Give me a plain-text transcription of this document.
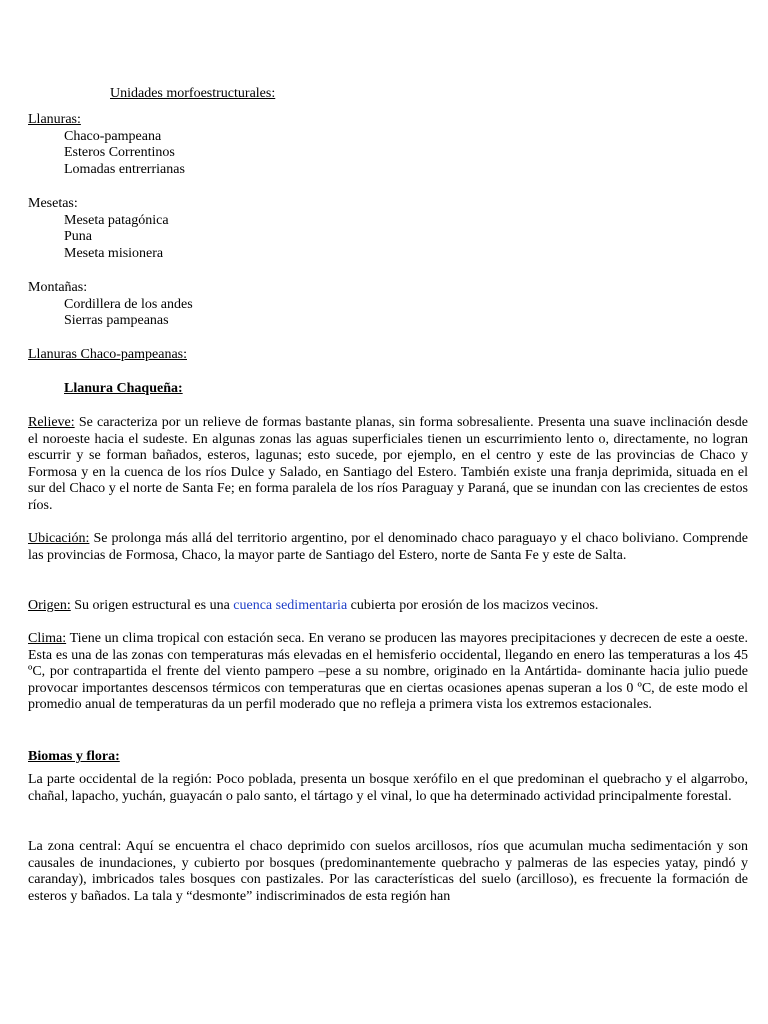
Unidades morfoestructurales:
Llanuras:
Chaco-pampeana
Esteros Correntinos
Lomadas entrerrianas
Mesetas:
Meseta patagónica
Puna
Meseta misionera
Montañas:
Cordillera de los andes
Sierras pampeanas
Llanuras Chaco-pampeanas:
Llanura Chaqueña:
Relieve: Se caracteriza por un relieve de formas bastante planas, sin forma sobresaliente. Presenta una suave inclinación desde el noroeste hacia el sudeste. En algunas zonas las aguas superficiales tienen un escurrimiento lento o, directamente, no logran escurrir y se forman bañados, esteros, lagunas; esto sucede, por ejemplo, en el centro y este de las provincias de Chaco y Formosa y en la cuenca de los ríos Dulce y Salado, en Santiago del Estero. También existe una franja deprimida, situada en el sur del Chaco y el norte de Santa Fe; en forma paralela de los ríos Paraguay y Paraná, que se inundan con las crecientes de estos ríos.
Ubicación: Se prolonga más allá del territorio argentino, por el denominado chaco paraguayo y el chaco boliviano. Comprende las provincias de Formosa, Chaco, la mayor parte de Santiago del Estero, norte de Santa Fe y este de Salta.
Origen: Su origen estructural es una cuenca sedimentaria cubierta por erosión de los macizos vecinos.
Clima: Tiene un clima tropical con estación seca. En verano se producen las mayores precipitaciones y decrecen de este a oeste. Esta es una de las zonas con temperaturas más elevadas en el hemisferio occidental, llegando en enero las temperaturas a los 45 ºC, por contrapartida el frente del viento pampero –pese a su nombre, originado en la Antártida- dominante hacia julio puede provocar importantes descensos térmicos con temperaturas que en ciertas ocasiones apenas superan a los 0 ºC, de este modo el promedio anual de temperaturas da un perfil moderado que no refleja a primera vista los extremos estacionales.
Biomas y flora:
La parte occidental de la región: Poco poblada, presenta un bosque xerófilo en el que predominan el quebracho y el algarrobo, chañal, lapacho, yuchán, guayacán o palo santo, el tártago y el vinal, lo que ha determinado actividad principalmente forestal.
La zona central: Aquí se encuentra el chaco deprimido con suelos arcillosos, ríos que acumulan mucha sedimentación y son causales de inundaciones, y cubierto por bosques (predominantemente quebracho y palmeras de las especies yatay, pindó y caranday), imbricados tales bosques con pastizales. Por las características del suelo (arcilloso), es frecuente la formación de esteros y bañados. La tala y “desmonte” indiscriminados de esta región han
